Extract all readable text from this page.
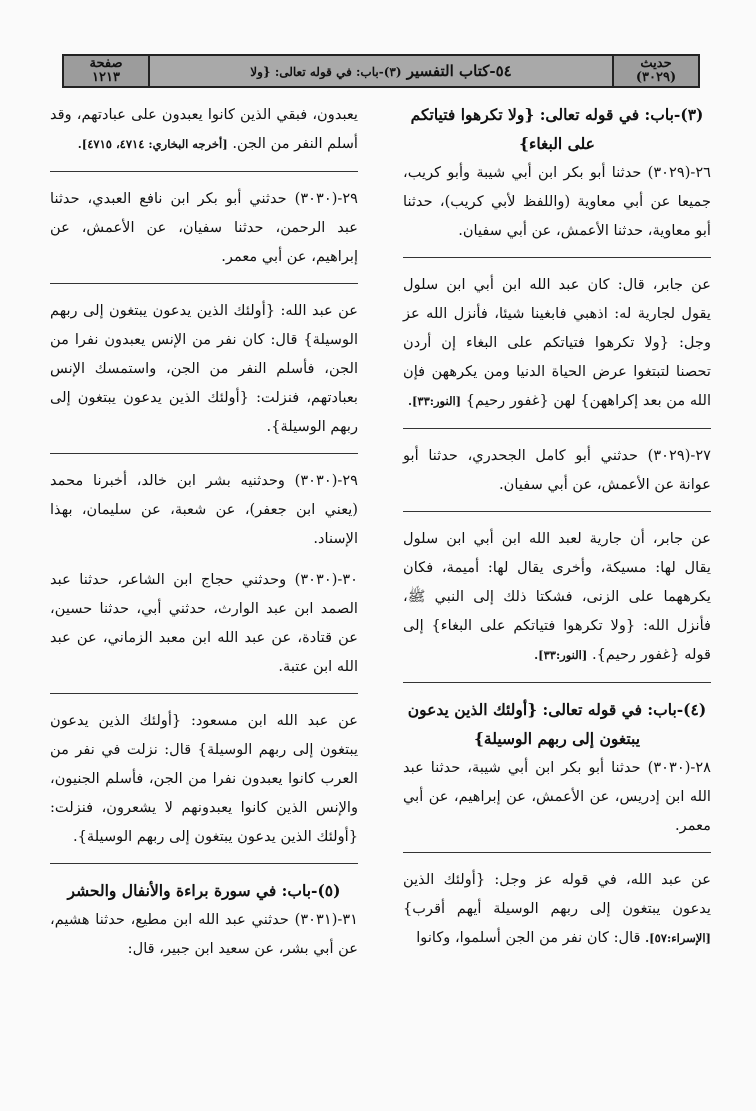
حديث
(٣٠٢٩)
٥٤-كتاب التفسير (٣)-باب: في قوله تعالى: {ولا
صفحة
١٢١٣
(٣)-باب: في قوله تعالى: {ولا تكرهوا فتياتكم على البغاء}

٢٦-(٣٠٢٩) حدثنا أبو بكر ابن أبي شيبة وأبو كريب، جميعا عن أبي معاوية (واللفظ لأبي كريب)، حدثنا أبو معاوية، حدثنا الأعمش، عن أبي سفيان.

عن جابر، قال: كان عبد الله ابن أبي ابن سلول يقول لجارية له: اذهبي فابغينا شيئا، فأنزل الله عز وجل: {ولا تكرهوا فتياتكم على البغاء إن أردن تحصنا لتبتغوا عرض الحياة الدنيا ومن يكرههن فإن الله من بعد إكراههن} لهن {غفور رحيم} [النور:٣٣].

٢٧-(٣٠٢٩) حدثني أبو كامل الجحدري، حدثنا أبو عوانة عن الأعمش، عن أبي سفيان.

عن جابر، أن جارية لعبد الله ابن أبي ابن سلول يقال لها: مسيكة، وأخرى يقال لها: أميمة، فكان يكرههما على الزنى، فشكتا ذلك إلى النبي ﷺ، فأنزل الله: {ولا تكرهوا فتياتكم على البغاء} إلى قوله {غفور رحيم}. [النور:٣٣].

(٤)-باب: في قوله تعالى: {أولئك الذين يدعون يبتغون إلى ربهم الوسيلة}

٢٨-(٣٠٣٠) حدثنا أبو بكر ابن أبي شيبة، حدثنا عبد الله ابن إدريس، عن الأعمش، عن إبراهيم، عن أبي معمر.

عن عبد الله، في قوله عز وجل: {أولئك الذين يدعون يبتغون إلى ربهم الوسيلة أيهم أقرب} [الإسراء:٥٧]. قال: كان نفر من الجن أسلموا، وكانوا

يعبدون، فبقي الذين كانوا يعبدون على عبادتهم، وقد أسلم النفر من الجن. [أخرجه البخاري: ٤٧١٤، ٤٧١٥].

٢٩-(٣٠٣٠) حدثني أبو بكر ابن نافع العبدي، حدثنا عبد الرحمن، حدثنا سفيان، عن الأعمش، عن إبراهيم، عن أبي معمر.

عن عبد الله: {أولئك الذين يدعون يبتغون إلى ربهم الوسيلة} قال: كان نفر من الإنس يعبدون نفرا من الجن، فأسلم النفر من الجن، واستمسك الإنس بعبادتهم، فنزلت: {أولئك الذين يدعون يبتغون إلى ربهم الوسيلة}.

٢٩-(٣٠٣٠) وحدثنيه بشر ابن خالد، أخبرنا محمد (يعني ابن جعفر)، عن شعبة، عن سليمان، بهذا الإسناد.

٣٠-(٣٠٣٠) وحدثني حجاج ابن الشاعر، حدثنا عبد الصمد ابن عبد الوارث، حدثني أبي، حدثنا حسين، عن قتادة، عن عبد الله ابن معبد الزماني، عن عبد الله ابن عتبة.

عن عبد الله ابن مسعود: {أولئك الذين يدعون يبتغون إلى ربهم الوسيلة} قال: نزلت في نفر من العرب كانوا يعبدون نفرا من الجن، فأسلم الجنيون، والإنس الذين كانوا يعبدونهم لا يشعرون، فنزلت: {أولئك الذين يدعون يبتغون إلى ربهم الوسيلة}.

(٥)-باب: في سورة براءة والأنفال والحشر

٣١-(٣٠٣١) حدثني عبد الله ابن مطيع، حدثنا هشيم، عن أبي بشر، عن سعيد ابن جبير، قال:
